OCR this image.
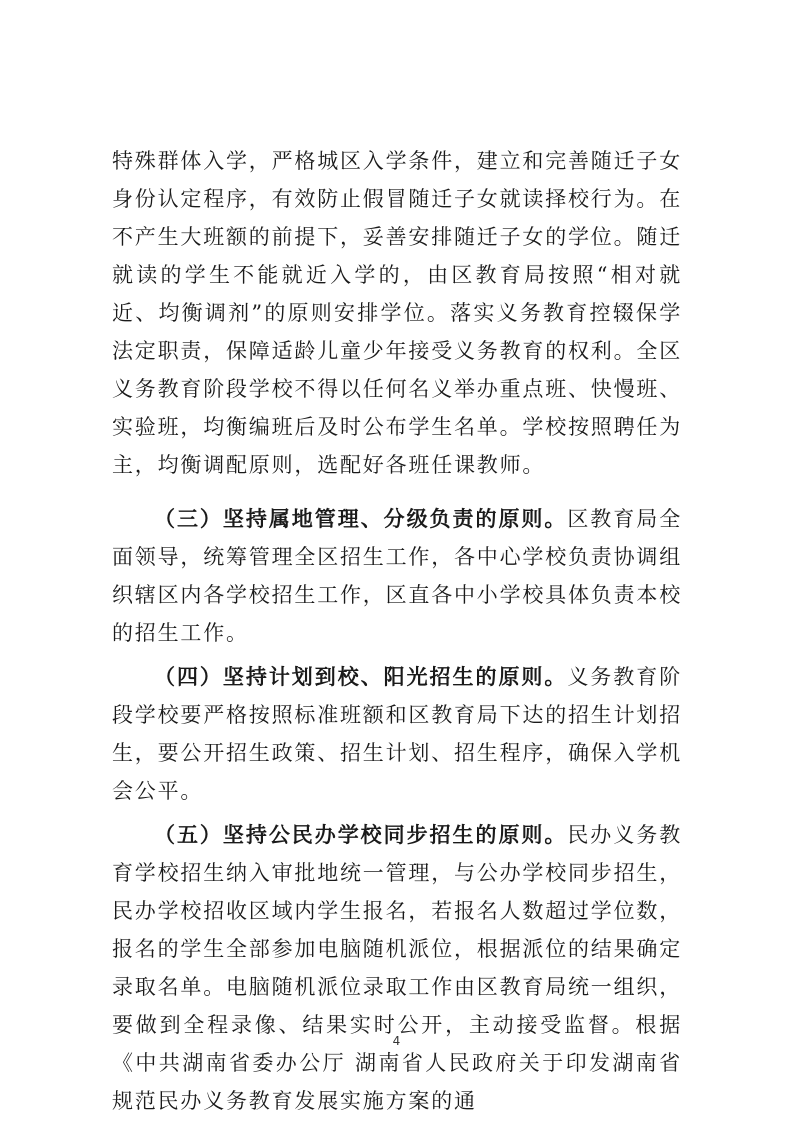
特殊群体入学，严格城区入学条件，建立和完善随迁子女身份认定程序，有效防止假冒随迁子女就读择校行为。在不产生大班额的前提下，妥善安排随迁子女的学位。随迁就读的学生不能就近入学的，由区教育局按照“相对就近、均衡调剂”的原则安排学位。落实义务教育控辍保学法定职责，保障适龄儿童少年接受义务教育的权利。全区义务教育阶段学校不得以任何名义举办重点班、快慢班、实验班，均衡编班后及时公布学生名单。学校按照聘任为主，均衡调配原则，选配好各班任课教师。

（三）坚持属地管理、分级负责的原则。区教育局全面领导，统筹管理全区招生工作，各中心学校负责协调组织辖区内各学校招生工作，区直各中小学校具体负责本校的招生工作。

（四）坚持计划到校、阳光招生的原则。义务教育阶段学校要严格按照标准班额和区教育局下达的招生计划招生，要公开招生政策、招生计划、招生程序，确保入学机会公平。

（五）坚持公民办学校同步招生的原则。民办义务教育学校招生纳入审批地统一管理，与公办学校同步招生，民办学校招收区域内学生报名，若报名人数超过学位数，报名的学生全部参加电脑随机派位，根据派位的结果确定录取名单。电脑随机派位录取工作由区教育局统一组织，要做到全程录像、结果实时公开，主动接受监督。根据《中共湖南省委办公厅 湖南省人民政府关于印发湖南省规范民办义务教育发展实施方案的通

4
